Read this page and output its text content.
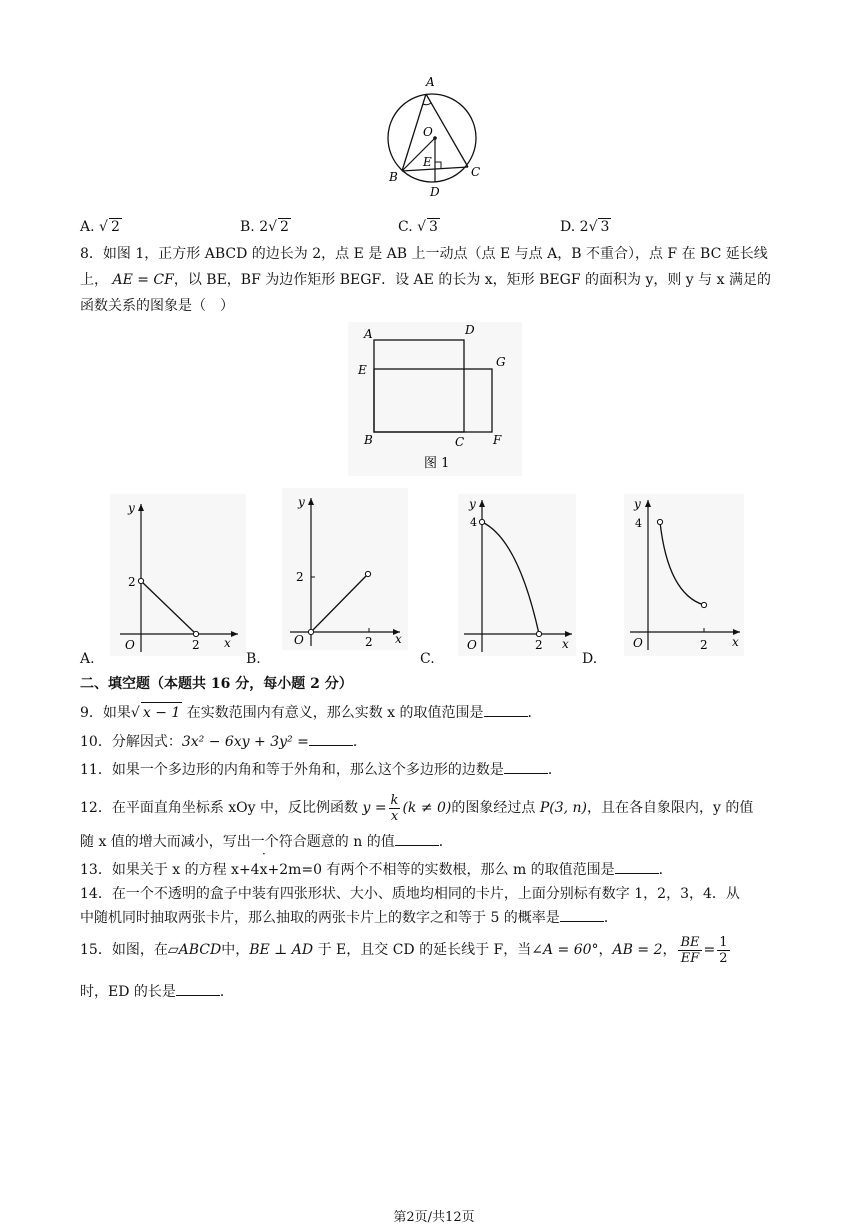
A
O
E
B	C
D
A. √ 2	B. 2√ 2	C. √ 3	D. 2√ 3
8．如图 1，正方形 ABCD 的边长为 2，点 E 是 AB 上一动点（点 E 与点 A，B 不重合），点 F 在 BC 延长线
上， AE = CF，以 BE，BF 为边作矩形 BEGF．设 AE 的长为 x，矩形 BEGF 的面积为 y，则 y 与 x 满足的
函数关系的图象是（　）
A	D
E
G
B	C F
图 1
y
x
O
2
2
A.
y
x
O
2
2
B.
y
x
O
4
2
C.
y
x
O
4
2
D.
二、填空题（本题共 16 分，每小题 2 分）
9．如果√ x − 1 在实数范围内有意义，那么实数 x 的取值范围是	．
10．分解因式：3x² − 6xy + 3y² =	．
11．如果一个多边形的内角和等于外角和，那么这个多边形的边数是	．
12．在平面直角坐标系 xOy 中，反比例函数 $y = \frac{k}{x} (k \ne 0)$的图象经过点 P(3, n)，且在各自象限内，y 的值
随 x 值的增大而减小，写出一个符合题意的 n 的值	．
13．如果关于 x 的方程 x+4x+2m=0 有两个不相等的实数根，那么 m 的取值范围是	．
14．在一个不透明的盒子中装有四张形状、大小、质地均相同的卡片，上面分别标有数字 1，2，3，4．从
中随机同时抽取两张卡片，那么抽取的两张卡片上的数字之和等于 5 的概率是	．
15．如图，在▱ABCD中，BE ⊥ AD 于 E，且交 CD 的延长线于 F，当∠A = 60°，AB = 2， $\frac{BE}{EF} = \frac{1}{2}$
时，ED 的长是	．
第2页/共12页
